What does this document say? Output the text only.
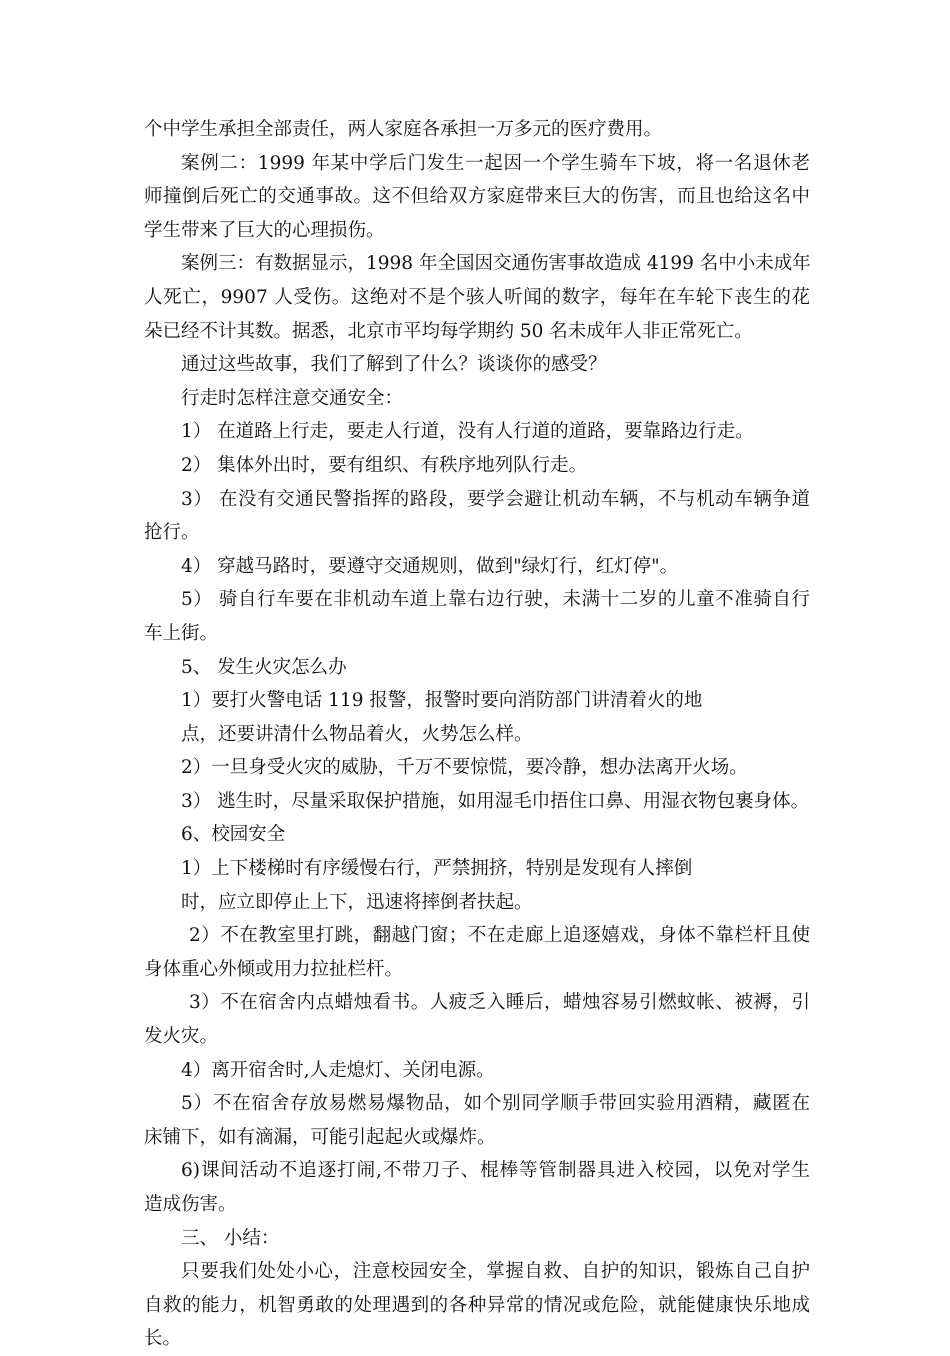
个中学生承担全部责任，两人家庭各承担一万多元的医疗费用。
案例二：1999 年某中学后门发生一起因一个学生骑车下坡，将一名退休老
师撞倒后死亡的交通事故。这不但给双方家庭带来巨大的伤害，而且也给这名中
学生带来了巨大的心理损伤。
案例三：有数据显示，1998 年全国因交通伤害事故造成 4199 名中小未成年
人死亡，9907 人受伤。这绝对不是个骇人听闻的数字，每年在车轮下丧生的花
朵已经不计其数。据悉，北京市平均每学期约 50 名未成年人非正常死亡。
通过这些故事，我们了解到了什么？谈谈你的感受？
行走时怎样注意交通安全：
1） 在道路上行走，要走人行道，没有人行道的道路，要靠路边行走。
2） 集体外出时，要有组织、有秩序地列队行走。
3） 在没有交通民警指挥的路段，要学会避让机动车辆，不与机动车辆争道
抢行。
4） 穿越马路时，要遵守交通规则，做到"绿灯行，红灯停"。
5） 骑自行车要在非机动车道上靠右边行驶，未满十二岁的儿童不准骑自行
车上街。
5、 发生火灾怎么办
1）要打火警电话 119 报警，报警时要向消防部门讲清着火的地
点，还要讲清什么物品着火，火势怎么样。
2）一旦身受火灾的威胁，千万不要惊慌，要冷静，想办法离开火场。
3） 逃生时，尽量采取保护措施，如用湿毛巾捂住口鼻、用湿衣物包裹身体。
6、校园安全
1）上下楼梯时有序缓慢右行，严禁拥挤，特别是发现有人摔倒
时，应立即停止上下，迅速将摔倒者扶起。
2）不在教室里打跳，翻越门窗；不在走廊上追逐嬉戏，身体不靠栏杆且使
身体重心外倾或用力拉扯栏杆。
3）不在宿舍内点蜡烛看书。人疲乏入睡后，蜡烛容易引燃蚊帐、被褥，引
发火灾。
4）离开宿舍时,人走熄灯、关闭电源。
5）不在宿舍存放易燃易爆物品，如个别同学顺手带回实验用酒精，藏匿在
床铺下，如有滴漏，可能引起起火或爆炸。
6)课间活动不追逐打闹,不带刀子、棍棒等管制器具进入校园，以免对学生
造成伤害。
三、 小结：
只要我们处处小心，注意校园安全，掌握自救、自护的知识，锻炼自己自护
自救的能力，机智勇敢的处理遇到的各种异常的情况或危险，就能健康快乐地成
长。
